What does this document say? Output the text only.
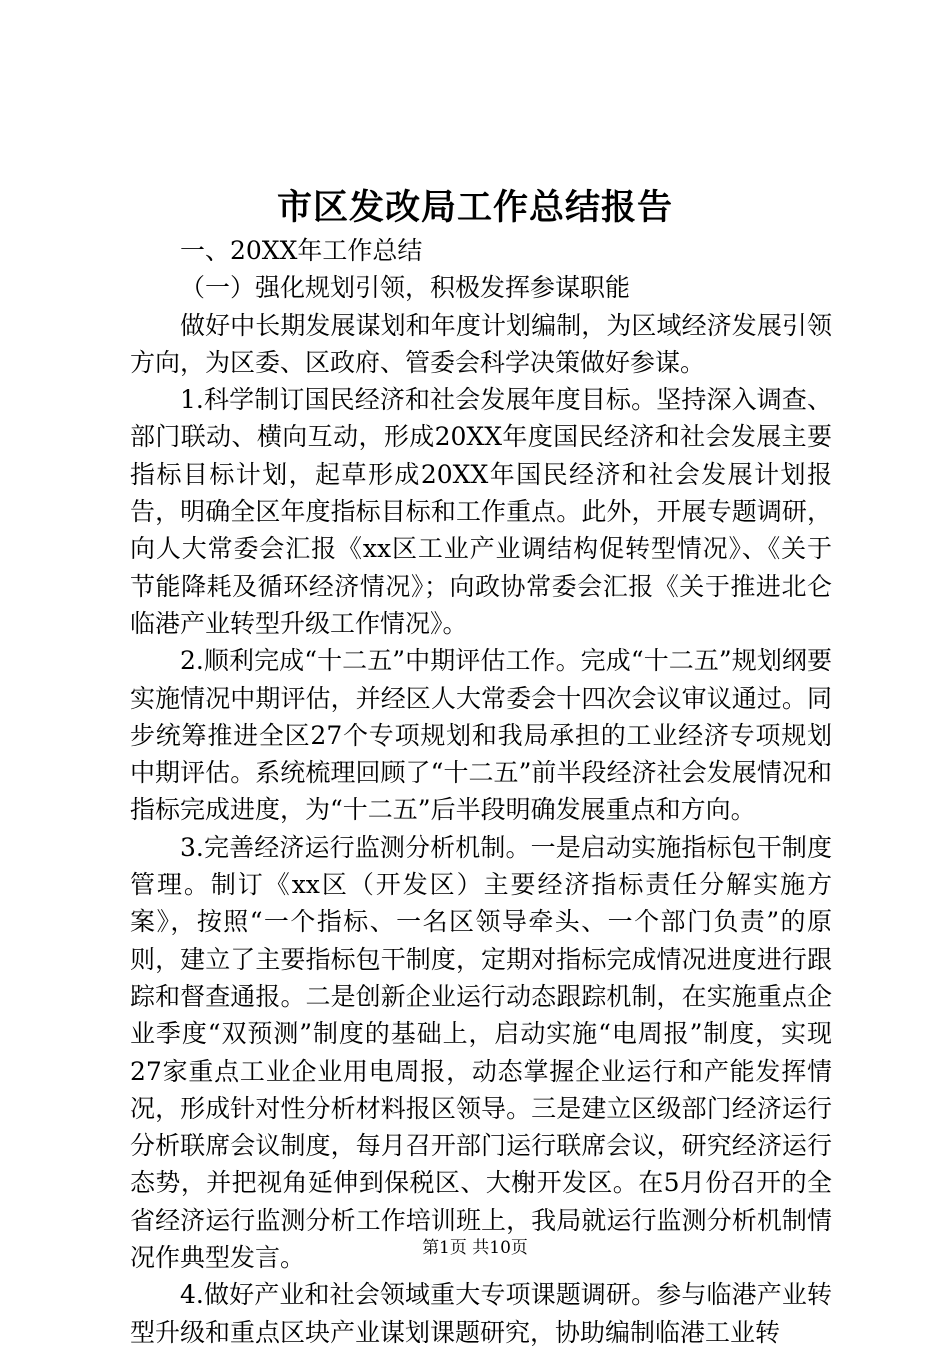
市区发改局工作总结报告

一、20XX年工作总结

（一）强化规划引领，积极发挥参谋职能

做好中长期发展谋划和年度计划编制，为区域经济发展引领方向，为区委、区政府、管委会科学决策做好参谋。

1.科学制订国民经济和社会发展年度目标。坚持深入调查、部门联动、横向互动，形成20XX年度国民经济和社会发展主要指标目标计划，起草形成20XX年国民经济和社会发展计划报告，明确全区年度指标目标和工作重点。此外，开展专题调研，向人大常委会汇报《xx区工业产业调结构促转型情况》、《关于节能降耗及循环经济情况》；向政协常委会汇报《关于推进北仑临港产业转型升级工作情况》。

2.顺利完成“十二五”中期评估工作。完成“十二五”规划纲要实施情况中期评估，并经区人大常委会十四次会议审议通过。同步统筹推进全区27个专项规划和我局承担的工业经济专项规划中期评估。系统梳理回顾了“十二五”前半段经济社会发展情况和指标完成进度，为“十二五”后半段明确发展重点和方向。

3.完善经济运行监测分析机制。一是启动实施指标包干制度管理。制订《xx区（开发区）主要经济指标责任分解实施方案》，按照“一个指标、一名区领导牵头、一个部门负责”的原则，建立了主要指标包干制度，定期对指标完成情况进度进行跟踪和督查通报。二是创新企业运行动态跟踪机制，在实施重点企业季度“双预测”制度的基础上，启动实施“电周报”制度，实现27家重点工业企业用电周报，动态掌握企业运行和产能发挥情况，形成针对性分析材料报区领导。三是建立区级部门经济运行分析联席会议制度，每月召开部门运行联席会议，研究经济运行态势，并把视角延伸到保税区、大榭开发区。在5月份召开的全省经济运行监测分析工作培训班上，我局就运行监测分析机制情况作典型发言。

4.做好产业和社会领域重大专项课题调研。参与临港产业转型升级和重点区块产业谋划课题研究，协助编制临港工业转

第1页 共10页
